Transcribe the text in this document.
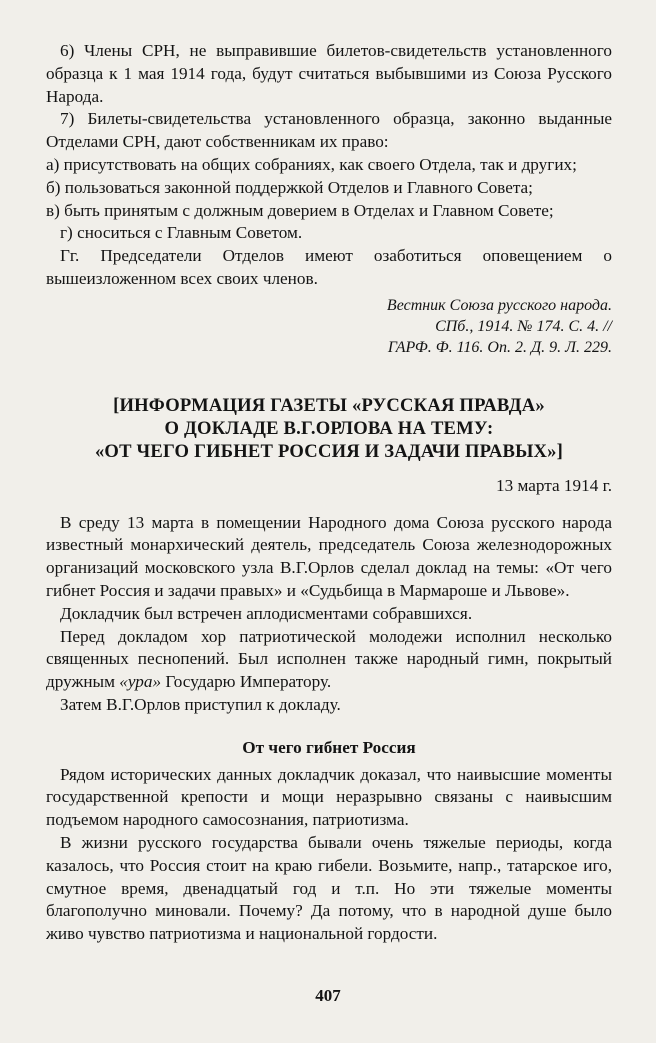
6) Члены СРН, не выправившие билетов-свидетельств установленного образца к 1 мая 1914 года, будут считаться выбывшими из Союза Русского Народа.

7) Билеты-свидетельства установленного образца, законно выданные Отделами СРН, дают собственникам их право:

а) присутствовать на общих собраниях, как своего Отдела, так и других;

б) пользоваться законной поддержкой Отделов и Главного Совета;

в) быть принятым с должным доверием в Отделах и Главном Совете;

г) сноситься с Главным Советом.

Гг. Председатели Отделов имеют озаботиться оповещением о вышеизложенном всех своих членов.

Вестник Союза русского народа.
СПб., 1914. № 174. С. 4. //
ГАРФ. Ф. 116. Оп. 2. Д. 9. Л. 229.

[ИНФОРМАЦИЯ ГАЗЕТЫ «РУССКАЯ ПРАВДА»
О ДОКЛАДЕ В.Г.ОРЛОВА НА ТЕМУ:
«ОТ ЧЕГО ГИБНЕТ РОССИЯ И ЗАДАЧИ ПРАВЫХ»]

13 марта 1914 г.

В среду 13 марта в помещении Народного дома Союза русского народа известный монархический деятель, председатель Союза железнодорожных организаций московского узла В.Г.Орлов сделал доклад на темы: «От чего гибнет Россия и задачи правых» и «Судьбища в Мармароше и Львове».

Докладчик был встречен аплодисментами собравшихся.

Перед докладом хор патриотической молодежи исполнил несколько священных песнопений. Был исполнен также народный гимн, покрытый дружным «ура» Государю Императору.

Затем В.Г.Орлов приступил к докладу.

От чего гибнет Россия

Рядом исторических данных докладчик доказал, что наивысшие моменты государственной крепости и мощи неразрывно связаны с наивысшим подъемом народного самосознания, патриотизма.

В жизни русского государства бывали очень тяжелые периоды, когда казалось, что Россия стоит на краю гибели. Возьмите, напр., татарское иго, смутное время, двенадцатый год и т.п. Но эти тяжелые моменты благополучно миновали. Почему? Да потому, что в народной душе было живо чувство патриотизма и национальной гордости.

407
